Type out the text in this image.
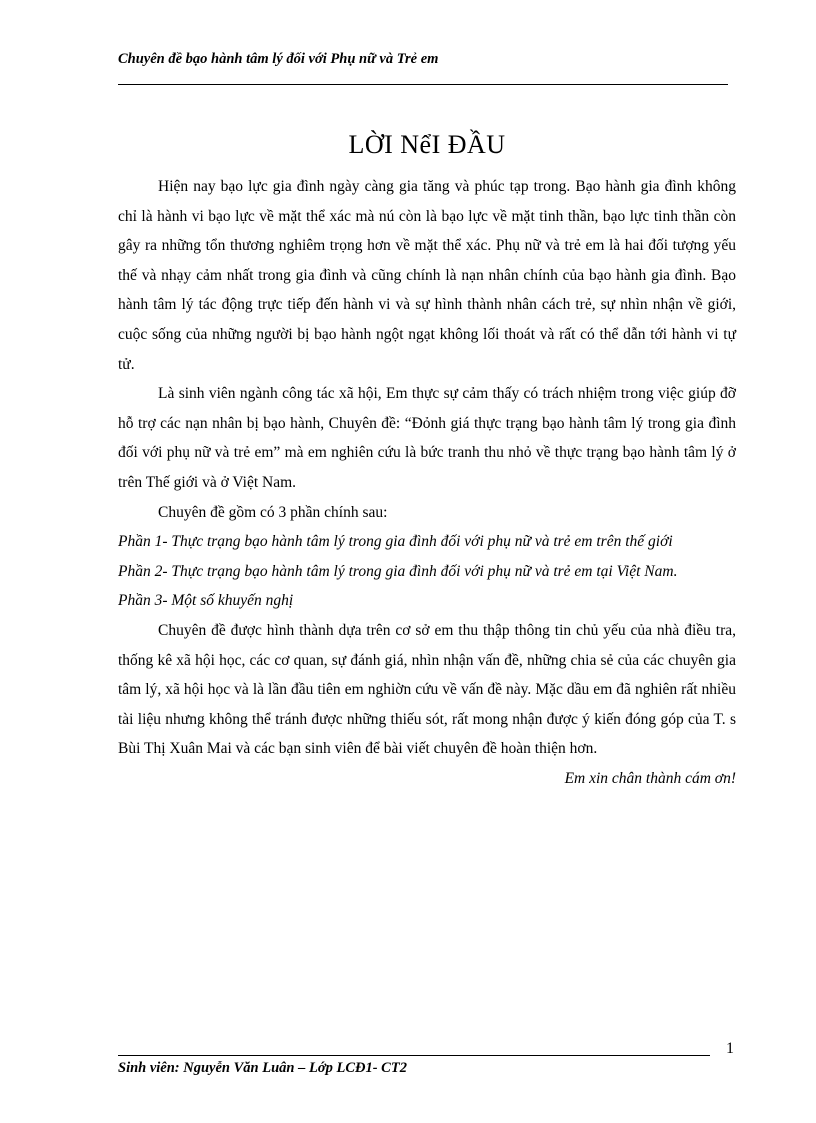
Chuyên đề bạo hành tâm lý đối với Phụ nữ và Trẻ em
LỜI NểI ĐẦU

Hiện nay bạo lực gia đình ngày càng gia tăng và phúc tạp trong. Bạo hành gia đình không chỉ là hành vi bạo lực về mặt thể xác mà nú còn là bạo lực về mặt tinh thần, bạo lực tinh thần còn gây ra những tổn thương nghiêm trọng hơn về mặt thể xác. Phụ nữ và trẻ em là hai đối tượng yếu thế và nhạy cảm nhất trong gia đình và cũng chính là nạn nhân chính của bạo hành gia đình. Bạo hành tâm lý tác động trực tiếp đến hành vi và sự hình thành nhân cách trẻ, sự nhìn nhận về giới, cuộc sống của những người bị bạo hành ngột ngạt không lối thoát và rất có thể dẫn tới hành vi tự tử.

Là sinh viên ngành công tác xã hội, Em thực sự cảm thấy có trách nhiệm trong việc giúp đỡ hỗ trợ các nạn nhân bị bạo hành, Chuyên đề: “Đỏnh giá thực trạng bạo hành tâm lý trong gia đình đối với phụ nữ và trẻ em” mà em nghiên cứu là bức tranh thu nhỏ về thực trạng bạo hành tâm lý ở trên Thế giới và ở Việt Nam.

Chuyên đề gồm có 3 phần chính sau:

Phần 1- Thực trạng bạo hành tâm lý trong gia đình đối với phụ nữ và trẻ em trên thế giới

Phần 2- Thực trạng bạo hành tâm lý trong gia đình đối với phụ nữ và trẻ em tại Việt Nam.

Phần 3- Một số khuyến nghị

Chuyên đề được hình thành dựa trên cơ sở em thu thập thông tin chủ yếu của nhà điều tra, thống kê xã hội học, các cơ quan, sự đánh giá, nhìn nhận vấn đề, những chia sẻ của các chuyên gia tâm lý, xã hội học và là lần đầu tiên em nghiờn cứu về vấn đề này. Mặc dầu em đã nghiên rất nhiều tài liệu nhưng không thể tránh được những thiếu sót, rất mong nhận được ý kiến đóng góp của T. s Bùi Thị Xuân Mai và các bạn sinh viên để bài viết chuyên đề hoàn thiện hơn.

Em xin chân thành cám ơn!

1
Sinh viên: Nguyễn Văn Luân – Lớp LCĐ1- CT2
